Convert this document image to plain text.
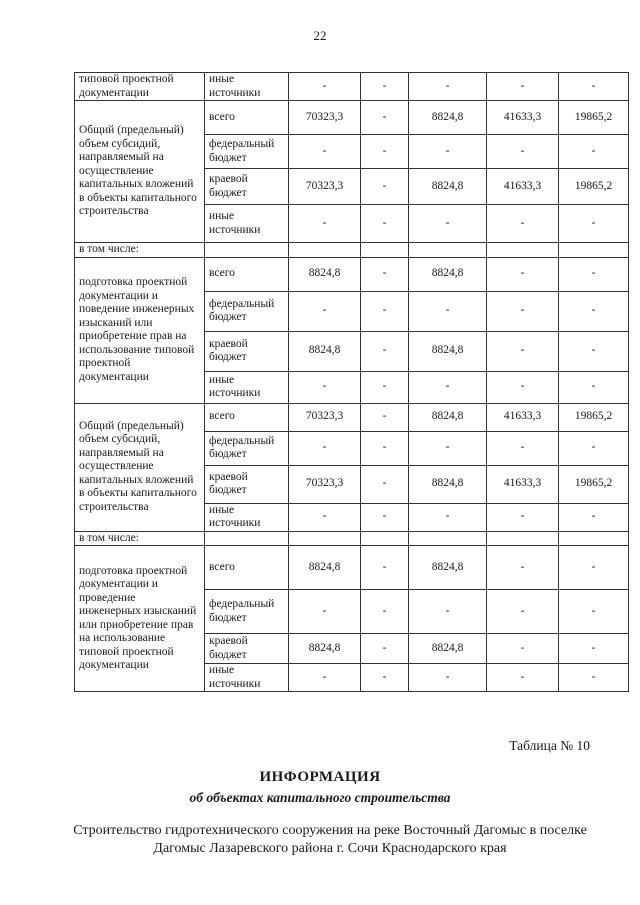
22
типовой проектной документации	иные источники	-	-	-	-	-

Общий (предельный) объем субсидий, направляемый на осуществление капитальных вложений в объекты капитального строительства	всего	70323,3	-	8824,8	41633,3	19865,2
	федеральный бюджет	-	-	-	-	-
	краевой бюджет	70323,3	-	8824,8	41633,3	19865,2
	иные источники	-	-	-	-	-
в том числе:						

подготовка проектной документации и поведение инженерных изысканий или приобретение прав на использование типовой проектной документации	всего	8824,8	-	8824,8	-	-
	федеральный бюджет	-	-	-	-	-
	краевой бюджет	8824,8	-	8824,8	-	-
	иные источники	-	-	-	-	-

Общий (предельный) объем субсидий, направляемый на осуществление капитальных вложений в объекты капитального строительства	всего	70323,3	-	8824,8	41633,3	19865,2
	федеральный бюджет	-	-	-	-	-
	краевой бюджет	70323,3	-	8824,8	41633,3	19865,2
	иные источники	-	-	-	-	-
в том числе:						

подготовка проектной документации и проведение инженерных изысканий или приобретение прав на использование типовой проектной документации	всего	8824,8	-	8824,8	-	-
	федеральный бюджет	-	-	-	-	-
	краевой бюджет	8824,8	-	8824,8	-	-
	иные источники	-	-	-	-	-
Таблица № 10
ИНФОРМАЦИЯ
об объектах капитального строительства
Строительство гидротехнического сооружения на реке Восточный Дагомыс в поселке Дагомыс Лазаревского района г. Сочи Краснодарского края
